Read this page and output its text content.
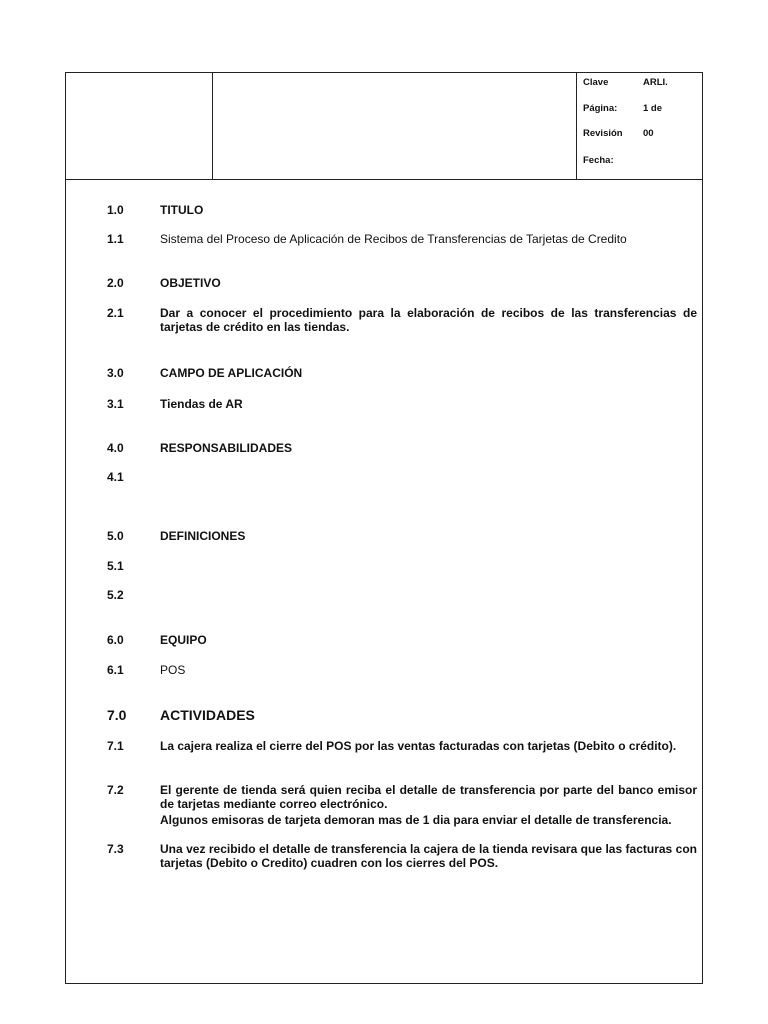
Clave	ARLI.
Página:	1 de
Revisión 00
Fecha:
1.0	TITULO
1.1	Sistema del Proceso de Aplicación de Recibos de Transferencias de Tarjetas de Credito
2.0	OBJETIVO
2.1	Dar a conocer el procedimiento para la elaboración de recibos de las transferencias de tarjetas de crédito en las tiendas.
3.0	CAMPO DE APLICACIÓN
3.1	Tiendas de AR
4.0	RESPONSABILIDADES
4.1
5.0	DEFINICIONES
5.1
5.2
6.0	EQUIPO
6.1	POS
7.0	ACTIVIDADES
7.1	La cajera realiza el cierre del POS por las ventas facturadas con tarjetas (Debito o crédito).
7.2	El gerente de tienda será quien reciba el detalle de transferencia por parte del banco emisor de tarjetas mediante correo electrónico.
Algunos emisoras de tarjeta demoran mas de 1 dia para enviar el detalle de transferencia.
7.3	Una vez recibido el detalle de transferencia la cajera de la tienda revisara que las facturas con tarjetas (Debito o Credito) cuadren con los cierres del POS.
